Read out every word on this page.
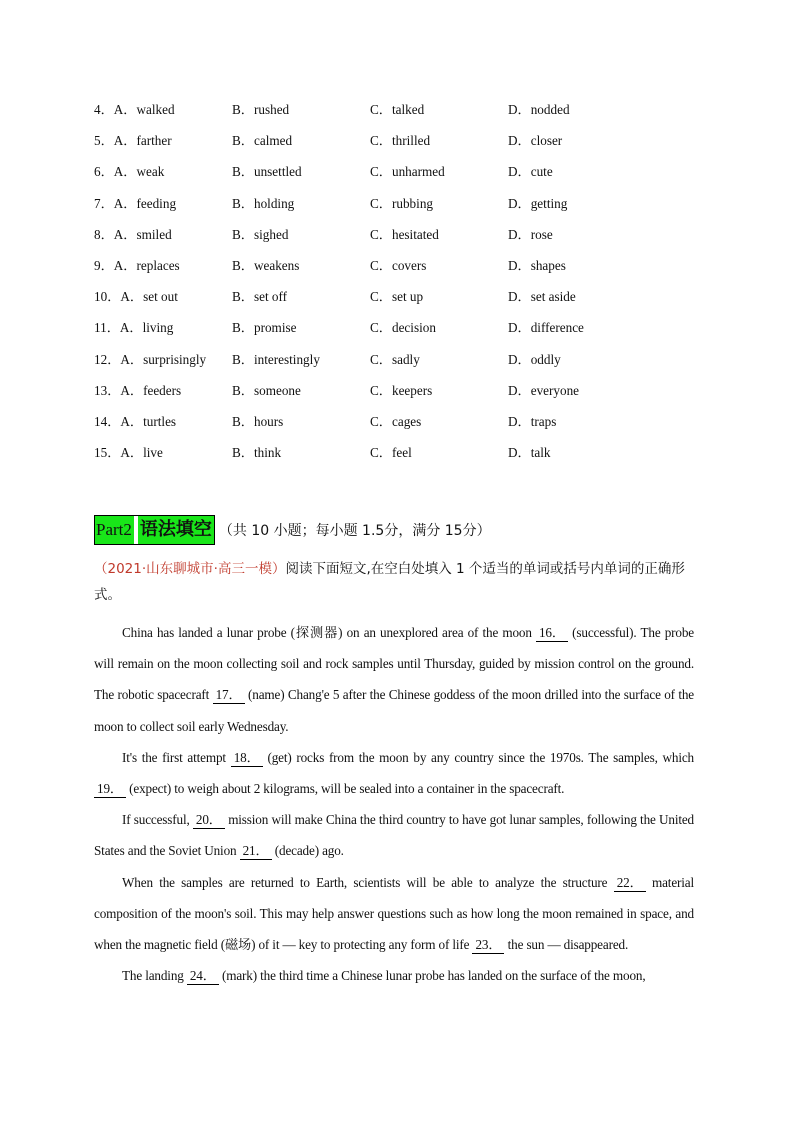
4．A．walked	B．rushed	C．talked	D．nodded
5．A．farther	B．calmed	C．thrilled	D．closer
6．A．weak	B．unsettled	C．unharmed	D．cute
7．A．feeding	B．holding	C．rubbing	D．getting
8．A．smiled	B．sighed	C．hesitated	D．rose
9．A．replaces	B．weakens	C．covers	D．shapes
10．A．set out	B．set off	C．set up	D．set aside
11．A．living	B．promise	C．decision	D．difference
12．A．surprisingly B．interestingly	C．sadly	D．oddly
13．A．feeders	B．someone	C．keepers	D．everyone
14．A．turtles	B．hours	C．cages	D．traps
15．A．live	B．think	C．feel	D．talk
Part2 语法填空 （共 10 小题；每小题 1.5分，满分 15分）
（2021·山东聊城市·高三一模）阅读下面短文,在空白处填入 1 个适当的单词或括号内单词的正确形式。

China has landed a lunar probe (探测器) on an unexplored area of the moon 16． (successful). The probe will remain on the moon collecting soil and rock samples until Thursday, guided by mission control on the ground. The robotic spacecraft 17． (name) Chang'e 5 after the Chinese goddess of the moon drilled into the surface of the moon to collect soil early Wednesday.

It's the first attempt 18． (get) rocks from the moon by any country since the 1970s. The samples, which 19． (expect) to weigh about 2 kilograms, will be sealed into a container in the spacecraft.

If successful, 20． mission will make China the third country to have got lunar samples, following the United States and the Soviet Union 21． (decade) ago.

When the samples are returned to Earth, scientists will be able to analyze the structure 22． material composition of the moon's soil. This may help answer questions such as how long the moon remained in space, and when the magnetic field (磁场) of it — key to protecting any form of life 23． the sun — disappeared.

The landing 24． (mark) the third time a Chinese lunar probe has landed on the surface of the moon,
